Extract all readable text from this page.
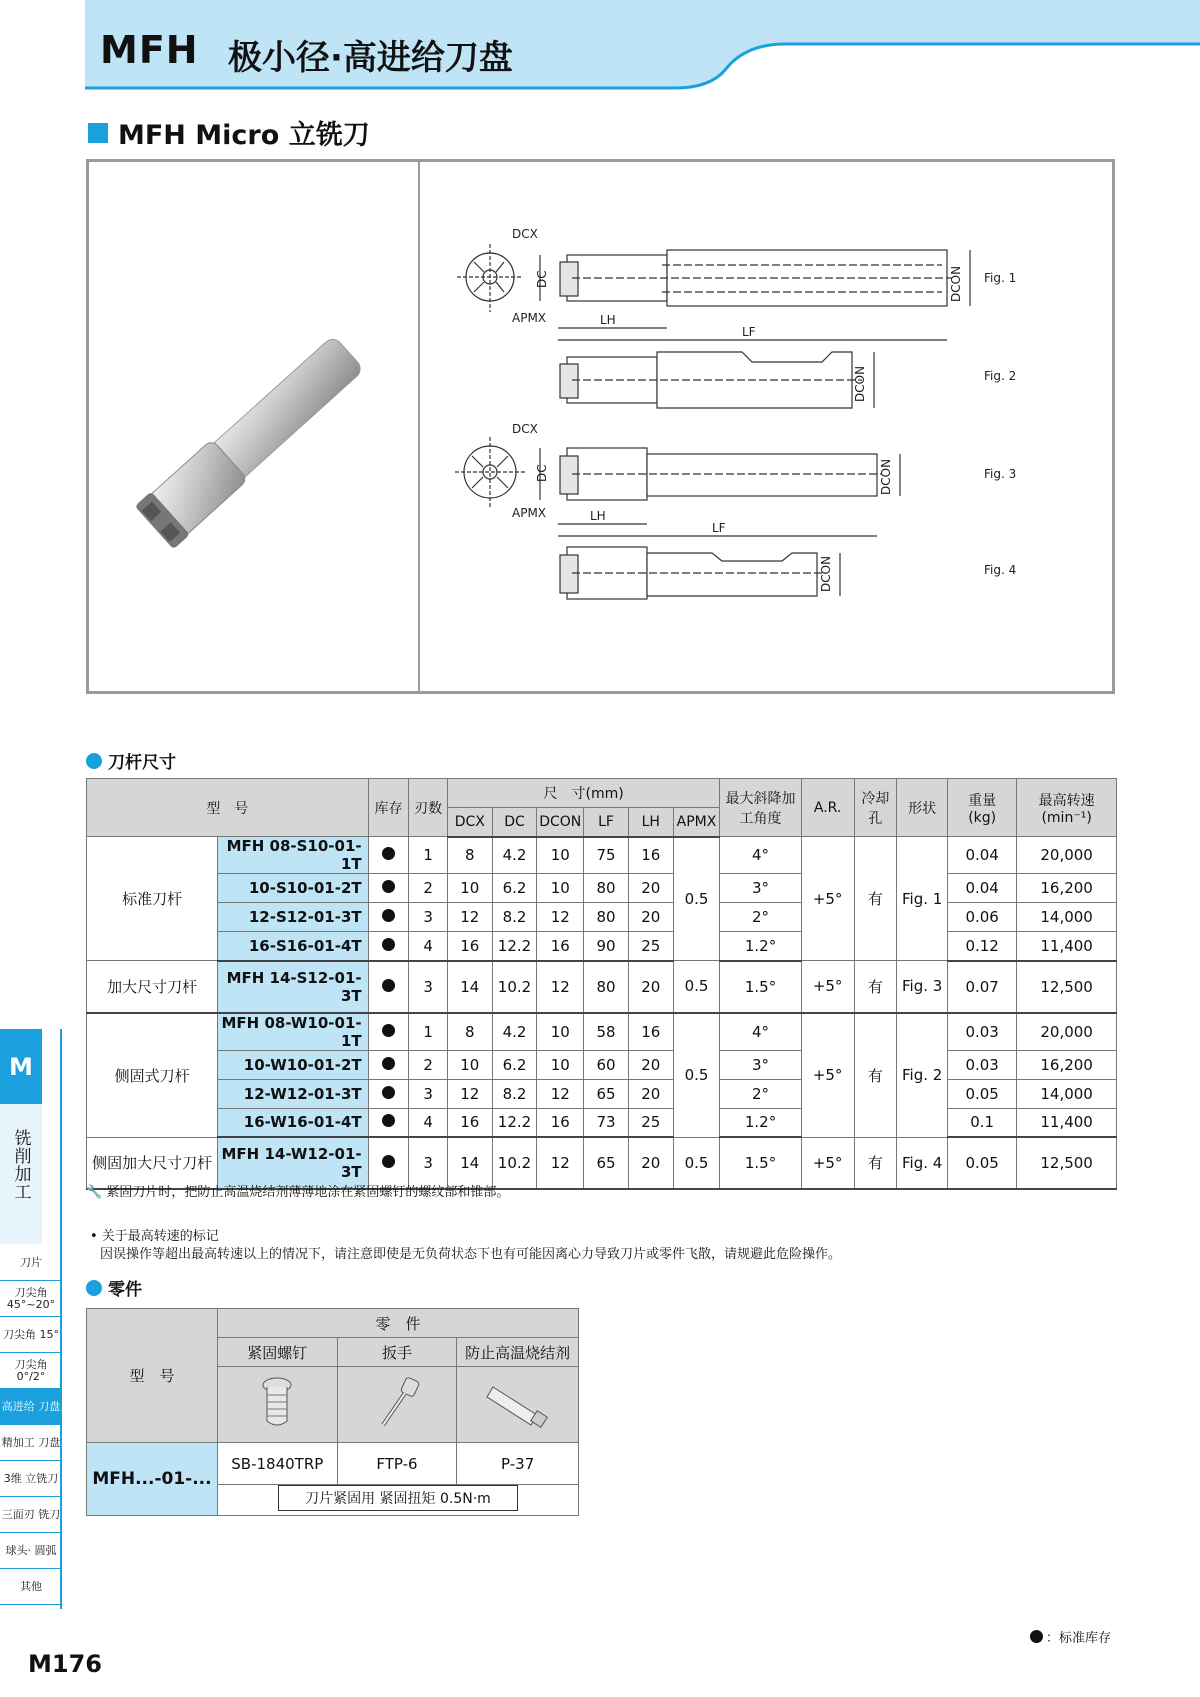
MFH 极小径·高进给刀盘
MFH Micro 立铣刀
DCX
DCX
APMX
APMX
LH
LH
LF
LF
DC
DC
DCON
DCON
DCON
DCON
Fig. 1
Fig. 2
Fig. 3
Fig. 4
刀杆尺寸
型　号		库存	刃数	尺　寸(mm)						最大斜降加工角度	A.R.	冷却孔	形状	重量
(kg)	最高转速
(min⁻¹)
				DCX	DC	DCON	LF	LH	APMX						
标准刀杆	MFH 08-S10-01-1T		1	8	4.2	10	75	16	0.5	4°	+5°	有	Fig. 1	0.04	20,000
	10-S10-01-2T		2	10	6.2	10	80	20		3°				0.04	16,200
	12-S12-01-3T		3	12	8.2	12	80	20		2°				0.06	14,000
	16-S16-01-4T		4	16	12.2	16	90	25		1.2°				0.12	11,400
加大尺寸刀杆	MFH 14-S12-01-3T		3	14	10.2	12	80	20	0.5	1.5°	+5°	有	Fig. 3	0.07	12,500
侧固式刀杆	MFH 08-W10-01-1T		1	8	4.2	10	58	16	0.5	4°	+5°	有	Fig. 2	0.03	20,000
	10-W10-01-2T		2	10	6.2	10	60	20		3°				0.03	16,200
	12-W12-01-3T		3	12	8.2	12	65	20		2°				0.05	14,000
	16-W16-01-4T		4	16	12.2	16	73	25		1.2°				0.1	11,400
侧固加大尺寸刀杆	MFH 14-W12-01-3T		3	14	10.2	12	65	20	0.5	1.5°	+5°	有	Fig. 4	0.05	12,500
🔧 紧固刀片时，把防止高温烧结剂薄薄地涂在紧固螺钉的螺纹部和锥部。
• 关于最高转速的标记
因误操作等超出最高转速以上的情况下，请注意即使是无负荷状态下也有可能因离心力导致刀片或零件飞散，请规避此危险操作。
零件
型　号	零　件		
	紧固螺钉	扳手	防止高温烧结剂

MFH...-01-...	SB-1840TRP	FTP-6	P-37
	刀片紧固用 紧固扭矩 0.5N·m		
M
铣削加工
刀片
刀尖角 45°~20°
刀尖角 15°
刀尖角 0°/2°
高进给 刀盘
精加工 刀盘
3维 立铣刀
三面刃 铣刀
球头· 圆弧
其他
M176
：标准库存
